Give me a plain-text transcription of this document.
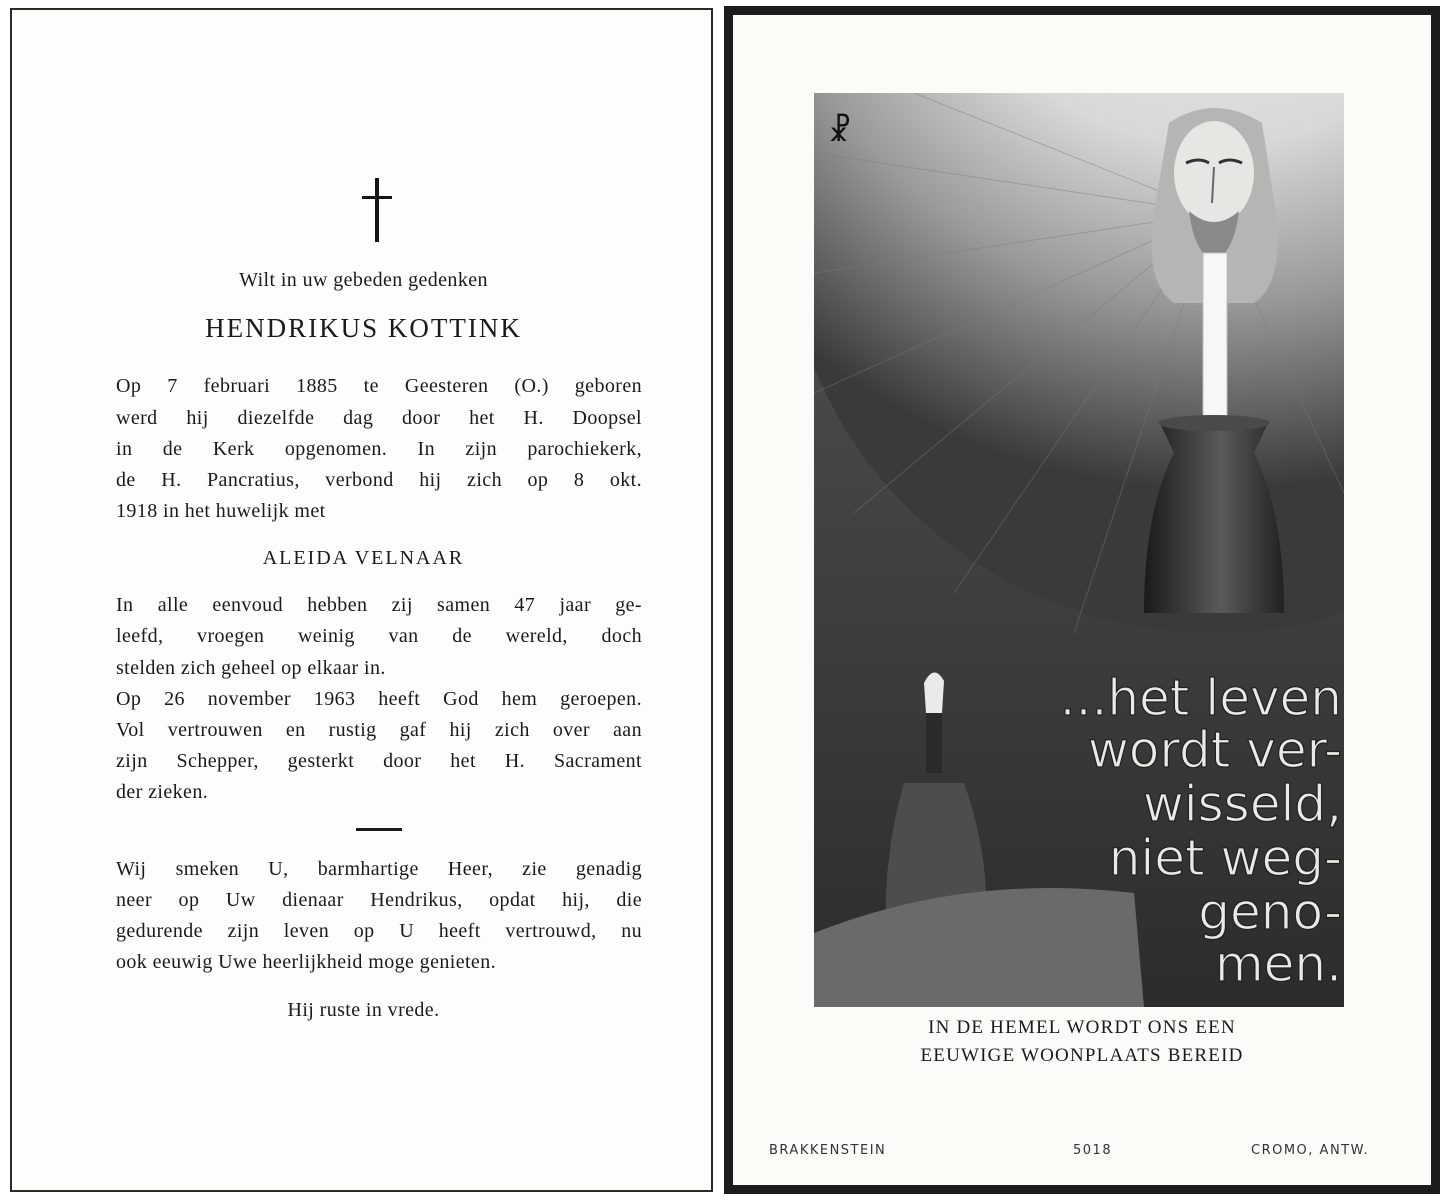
Wilt in uw gebeden gedenken
HENDRIKUS KOTTINK
Op 7 februari 1885 te Geesteren (O.) geboren
werd hij diezelfde dag door het H. Doopsel
in de Kerk opgenomen. In zijn parochiekerk,
de H. Pancratius, verbond hij zich op 8 okt.
1918 in het huwelijk met
ALEIDA VELNAAR
In alle eenvoud hebben zij samen 47 jaar ge-
leefd, vroegen weinig van de wereld, doch
stelden zich geheel op elkaar in.
Op 26 november 1963 heeft God hem geroepen.
Vol vertrouwen en rustig gaf hij zich over aan
zijn Schepper, gesterkt door het H. Sacrament
der zieken.
Wij smeken U, barmhartige Heer, zie genadig
neer op Uw dienaar Hendrikus, opdat hij, die
gedurende zijn leven op U heeft vertrouwd, nu
ook eeuwig Uwe heerlijkheid moge genieten.
Hij ruste in vrede.
...het leven
wordt ver-
wisseld,
niet weg-
geno-
men.
☧
IN DE HEMEL WORDT ONS EEN
EEUWIGE WOONPLAATS BEREID
BRAKKENSTEIN	5018	CROMO, ANTW.
